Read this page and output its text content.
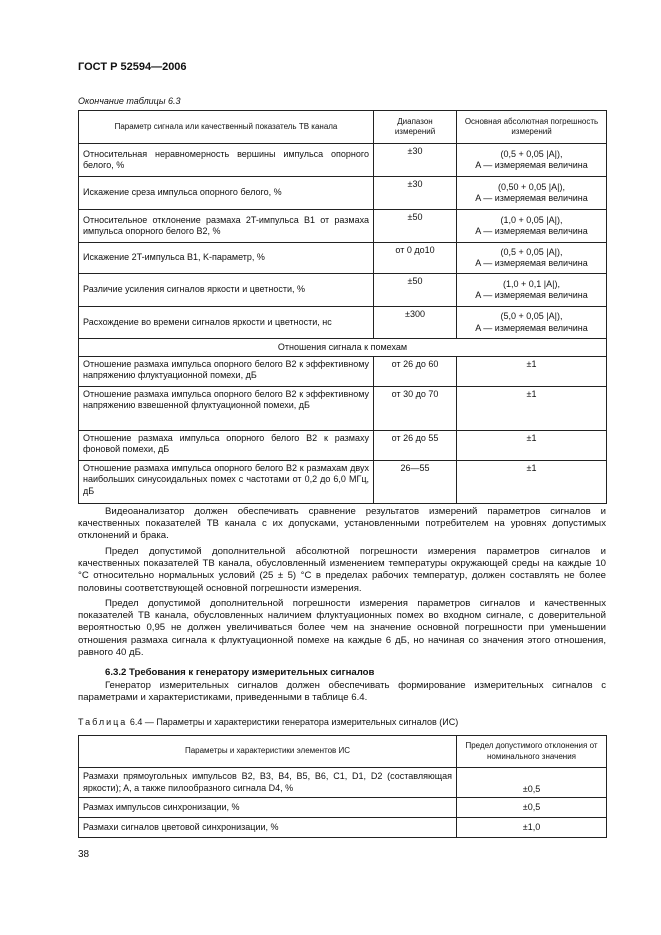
ГОСТ Р 52594—2006
Окончание таблицы 6.3
Параметр сигнала или качественный показатель ТВ канала	Диапазон измерений	Основная абсолютная погрешность измерений
Относительная неравномерность вершины импульса опорного белого, %	±30	(0,5 + 0,05 |A|),
A — измеряемая величина

Искажение среза импульса опорного белого, %	±30	(0,50 + 0,05 |A|),
A — измеряемая величина

Относительное отклонение размаха 2T-импульса B1 от размаха импульса опорного белого B2, %	±50	(1,0 + 0,05 |A|),
A — измеряемая величина

Искажение 2T-импульса B1, K-параметр, %	от 0 до10	(0,5 + 0,05 |A|),
A — измеряемая величина

Различие усиления сигналов яркости и цветности, %	±50	(1,0 + 0,1 |A|),
A — измеряемая величина

Расхождение во времени сигналов яркости и цветности, нс	±300	(5,0 + 0,05 |A|),
A — измеряемая величина

Отношения сигнала к помехам		
Отношение размаха импульса опорного белого B2 к эффективному напряжению флуктуационной помехи, дБ	от 26 до 60	±1
Отношение размаха импульса опорного белого B2 к эффективному напряжению взвешенной флуктуационной помехи, дБ	от 30 до 70	±1
Отношение размаха импульса опорного белого B2 к размаху фоновой помехи, дБ	от 26 до 55	±1
Отношение размаха импульса опорного белого B2 к размахам двух наибольших синусоидальных помех с частотами от 0,2 до 6,0 МГц, дБ	26—55	±1

Видеоанализатор должен обеспечивать сравнение результатов измерений параметров сигналов и качественных показателей ТВ канала с их допусками, установленными потребителем на уровнях допустимых отклонений и брака.

Предел допустимой дополнительной абсолютной погрешности измерения параметров сигналов и качественных показателей ТВ канала, обусловленный изменением температуры окружающей среды на каждые 10 °С относительно нормальных условий (25 ± 5) °С в пределах рабочих температур, должен составлять не более половины соответствующей основной погрешности измерения.

Предел допустимой дополнительной погрешности измерения параметров сигналов и качественных показателей ТВ канала, обусловленных наличием флуктуационных помех во входном сигнале, с доверительной вероятностью 0,95 не должен увеличиваться более чем на значение основной погрешности при уменьшении отношения размаха сигнала к флуктуационной помехе на каждые 6 дБ, но начиная со значения этого отношения, равного 40 дБ.

6.3.2 Требования к генератору измерительных сигналов

Генератор измерительных сигналов должен обеспечивать формирование измерительных сигналов с параметрами и характеристиками, приведенными в таблице 6.4.

Таблица 6.4 — Параметры и характеристики генератора измерительных сигналов (ИС)

Параметры и характеристики элементов ИС	Предел допустимого отклонения от номинального значения
Размахи прямоугольных импульсов B2, B3, B4, B5, B6, C1, D1, D2 (составляющая яркости); A, а также пилообразного сигнала D4, %	±0,5
Размах импульсов синхронизации, %	±0,5
Размахи сигналов цветовой синхронизации, %	±1,0
38
